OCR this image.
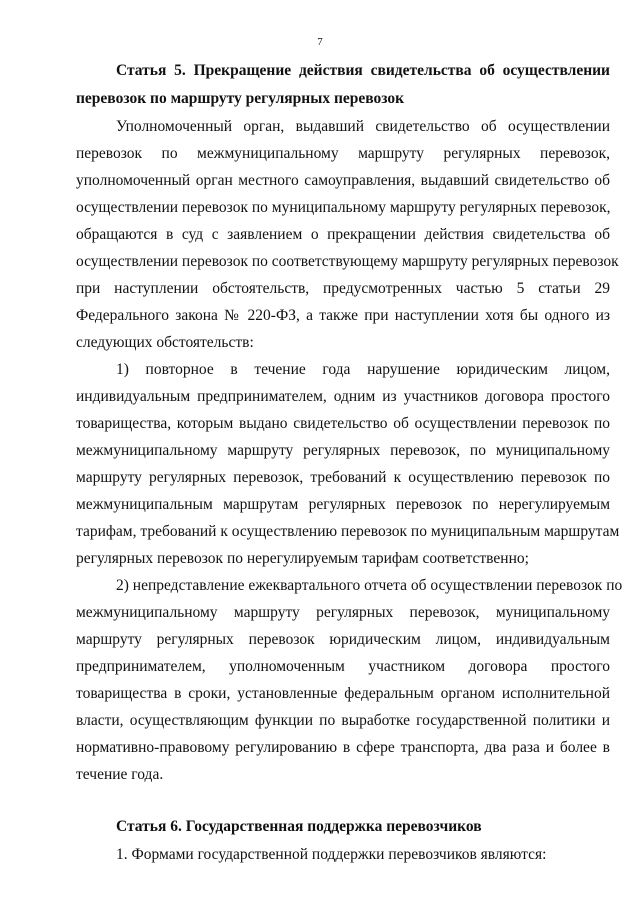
7
Статья 5. Прекращение действия свидетельства об осуществлении
перевозок по маршруту регулярных перевозок
Уполномоченный орган, выдавший свидетельство об осуществлении
перевозок по межмуниципальному маршруту регулярных перевозок,
уполномоченный орган местного самоуправления, выдавший свидетельство об
осуществлении перевозок по муниципальному маршруту регулярных перевозок,
обращаются в суд с заявлением о прекращении действия свидетельства об
осуществлении перевозок по соответствующему маршруту регулярных перевозок
при наступлении обстоятельств, предусмотренных частью 5 статьи 29
Федерального закона № 220-ФЗ, а также при наступлении хотя бы одного из
следующих обстоятельств:
1) повторное в течение года нарушение юридическим лицом,
индивидуальным предпринимателем, одним из участников договора простого
товарищества, которым выдано свидетельство об осуществлении перевозок по
межмуниципальному маршруту регулярных перевозок, по муниципальному
маршруту регулярных перевозок, требований к осуществлению перевозок по
межмуниципальным маршрутам регулярных перевозок по нерегулируемым
тарифам, требований к осуществлению перевозок по муниципальным маршрутам
регулярных перевозок по нерегулируемым тарифам соответственно;
2) непредставление ежеквартального отчета об осуществлении перевозок по
межмуниципальному маршруту регулярных перевозок, муниципальному
маршруту регулярных перевозок юридическим лицом, индивидуальным
предпринимателем, уполномоченным участником договора простого
товарищества в сроки, установленные федеральным органом исполнительной
власти, осуществляющим функции по выработке государственной политики и
нормативно-правовому регулированию в сфере транспорта, два раза и более в
течение года.
Статья 6. Государственная поддержка перевозчиков
1. Формами государственной поддержки перевозчиков являются:
